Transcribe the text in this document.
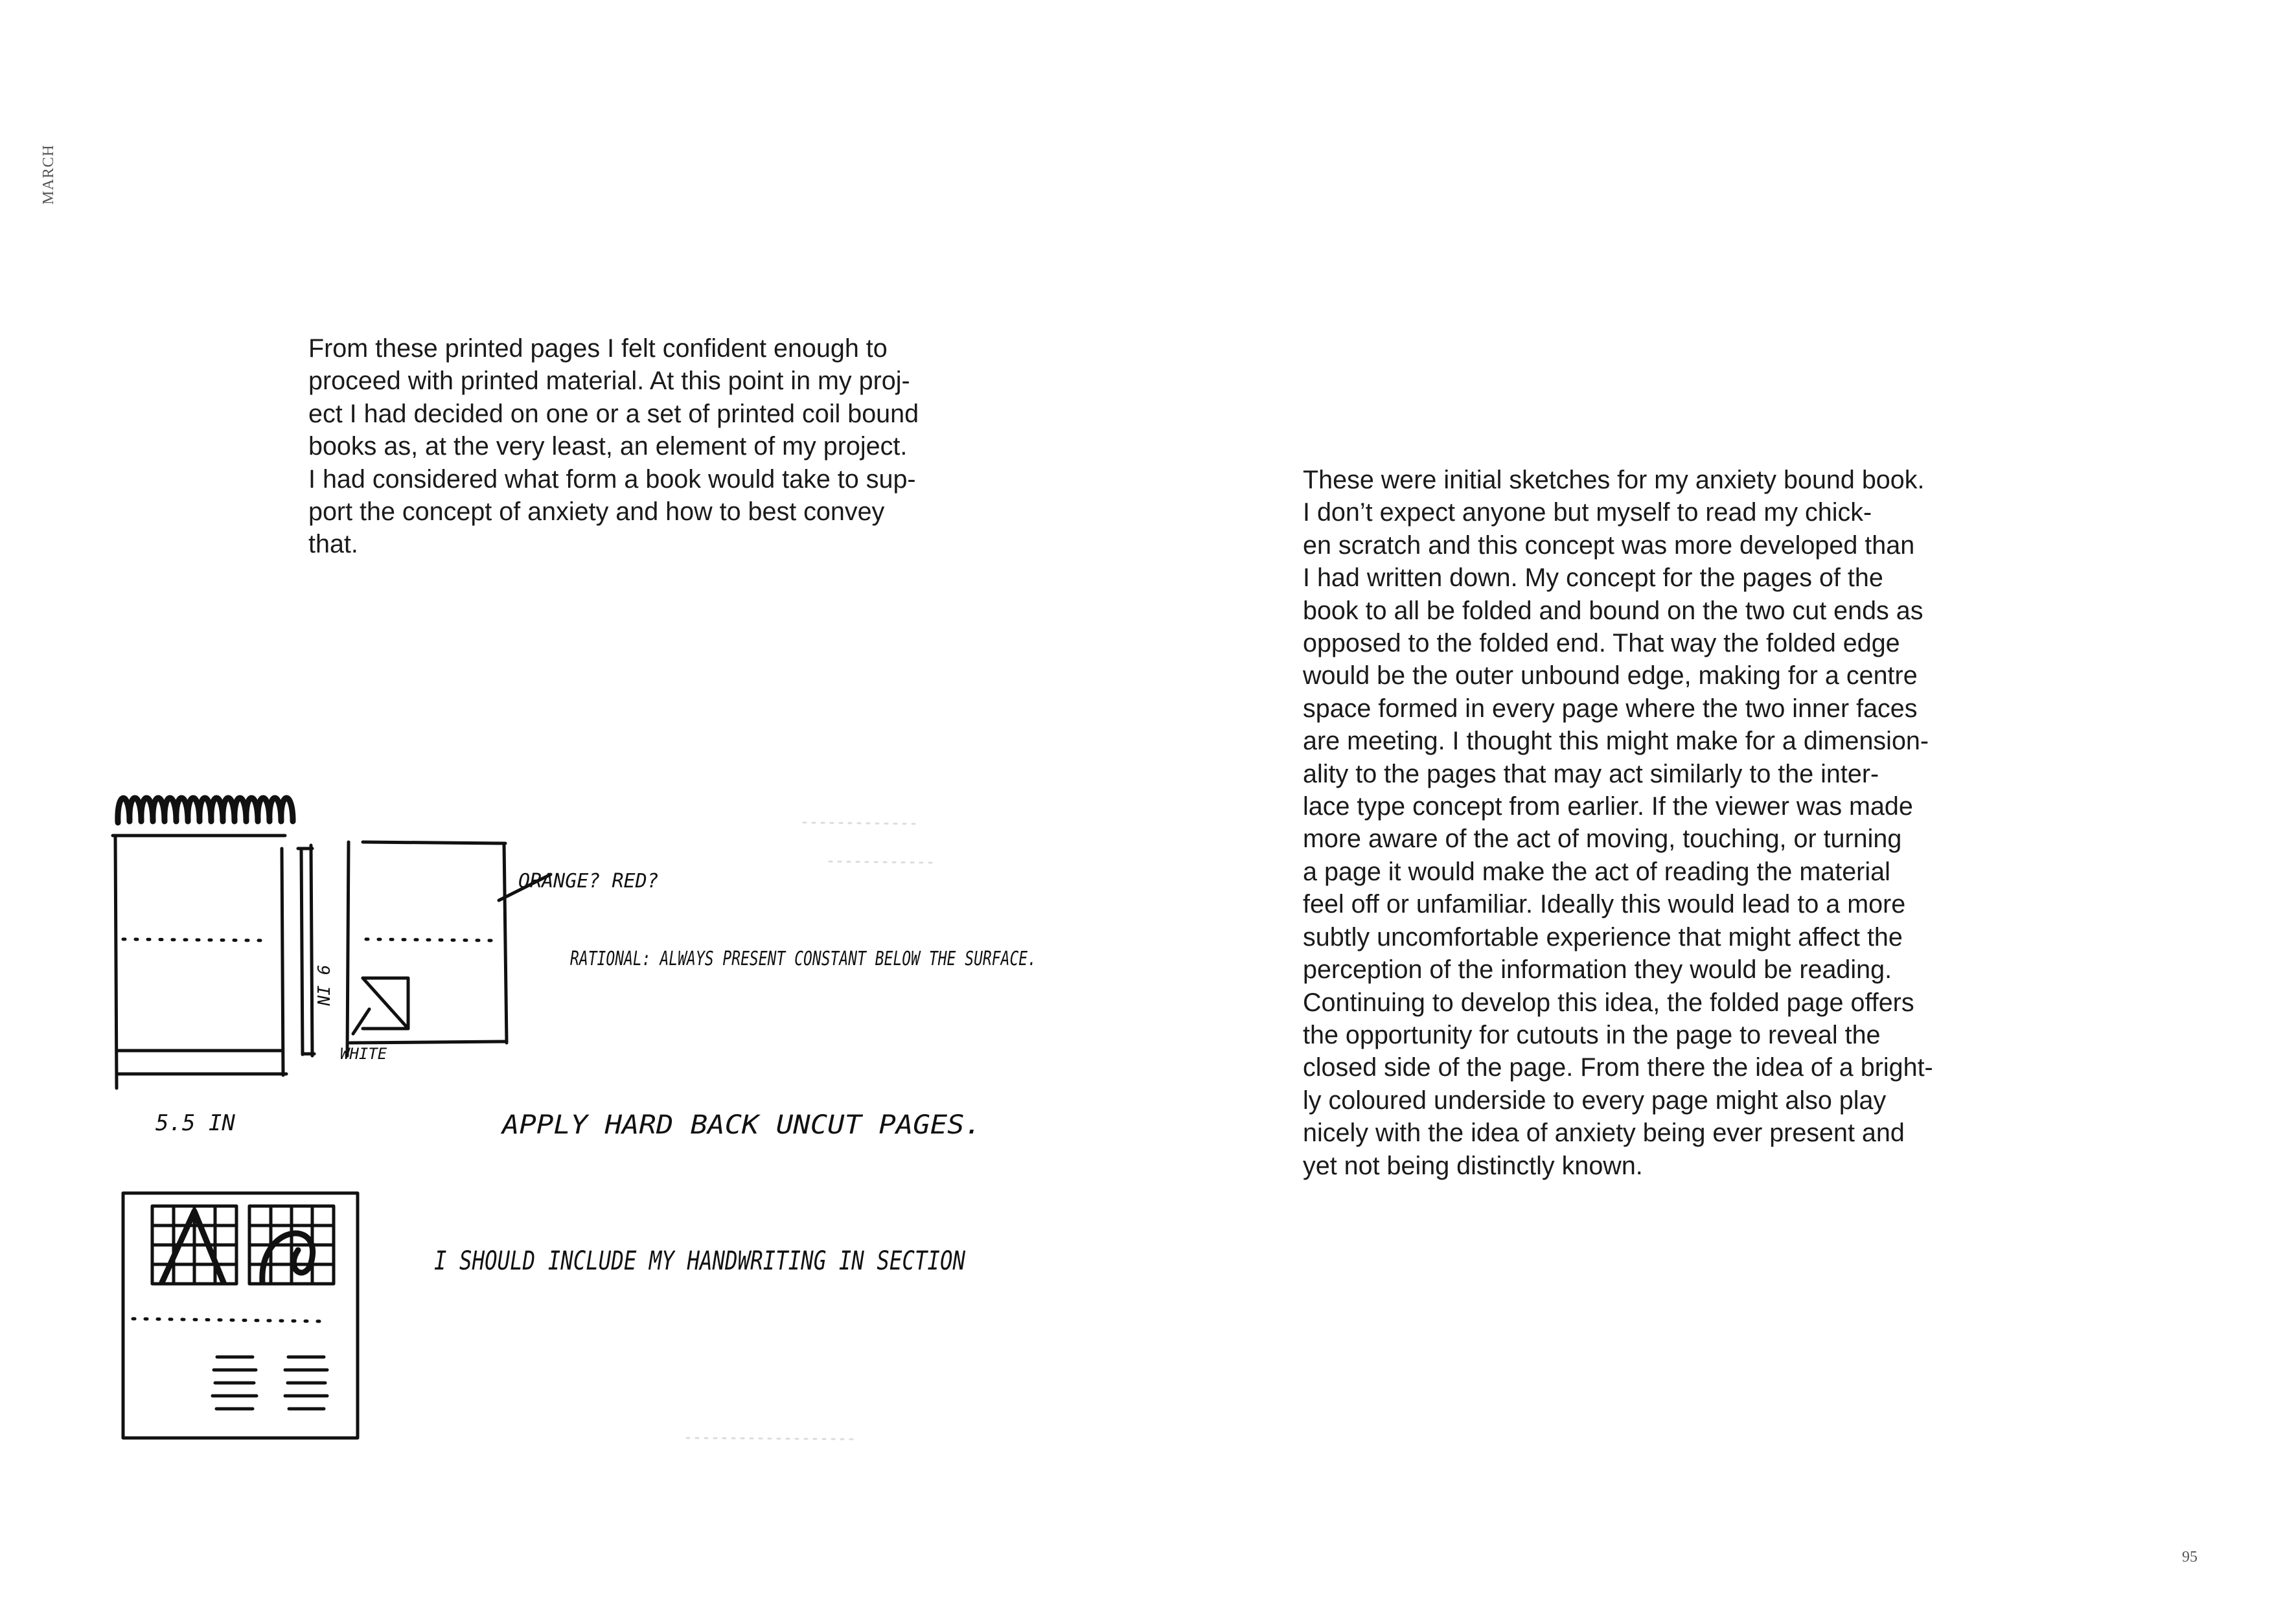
MARCH

From these printed pages I felt confident enough to
proceed with printed material. At this point in my proj-
ect I had decided on one or a set of printed coil bound
books as, at the very least, an element of my project.
I had considered what form a book would take to sup-
port the concept of anxiety and how to best convey
that.

These were initial sketches for my anxiety bound book.
I don’t expect anyone but myself to read my chick-
en scratch and this concept was more developed than
I had written down. My concept for the pages of the
book to all be folded and bound on the two cut ends as
opposed to the folded end. That way the folded edge
would be the outer unbound edge, making for a centre
space formed in every page where the two inner faces
are meeting. I thought this might make for a dimension-
ality to the pages that may act similarly to the inter-
lace type concept from earlier. If the viewer was made
more aware of the act of moving, touching, or turning
a page it would make the act of reading the material
feel off or unfamiliar. Ideally this would lead to a more
subtly uncomfortable experience that might affect the
perception of the information they would be reading.
Continuing to develop this idea, the folded page offers
the opportunity for cutouts in the page to reveal the
closed side of the page. From there the idea of a bright-
ly coloured underside to every page might also play
nicely with the idea of anxiety being ever present and
yet not being distinctly known.

ORANGE? RED?
RATIONAL: ALWAYS PRESENT CONSTANT BELOW THE SURFACE.
9 IN
WHITE
5.5 IN	APPLY HARD BACK UNCUT PAGES.
I SHOULD INCLUDE MY HANDWRITING IN SECTION
95
